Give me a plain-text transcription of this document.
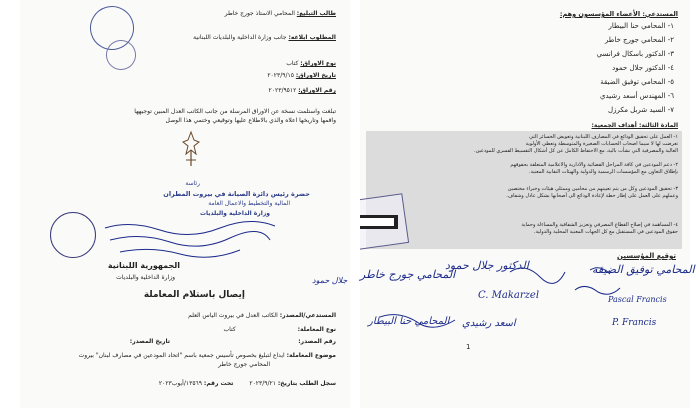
طالب التبليغ: المحامي الاستاذ جورج خاطر
المطلوب ابلاغه: جانب وزارة الداخلية والبلديات اللبنانية
نوع الاوراق: كتاب
تاريخ الاوراق: ٢٠٢٣/٩/١٥
رقم الاوراق: ٢٠٢٣/٩٥١٢
تبلغت واستلمت نسخة عن الاوراق المرسلة من جانب الكاتب العدل المبين توجيهها
واقمها وتاريخها اعلاه والذي بالاطلاع عليها وتوقيعي وختمي هذا الوصل
حضرة رئيس دائرة الصيانة في بيروت المطران
المالية والتخطيط والاعمال العامة
وزارة الداخلية والبلديات
رئاسة
الجمهورية اللبنانية
وزارة الداخلية والبلديات
إيصال باستلام المعاملة
المستدعي/المصدر: الكاتب العدل في بيروت الياس العلم
نوع المعاملة: كتاب
رقم المصدر:
تاريخ المصدر:
موضوع المعاملة: ايداع لتبليغ بخصوص تأسيس جمعية باسم "اتحاد المودعين في مصارف لبنان" بيروت
المحامي جورج خاطر
سجل الطلب بتاريخ: ٢٠٢٣/٩/٢١ تحت رقم: ١٣٥٦٩/أيوب٢٠٢٣
المستدعي: الأعضاء المؤسسون وهم:
١- المحامي حنا البيطار
٢- المحامي جورج خاطر
٣- الدكتور باسكال فرانسي
٤- الدكتور جلال حمود
٥- المحامي توفيق الضيقة
٦- المهندس أسعد رشيدي
٧- السيد شربل مكرزل
المادة الثالثة: أهداف الجمعية:
١- العمل على تحقيق الودائع في المصارف اللبنانية وتعويض الخسائر التي
تعرضت لها لا سيما اصحاب الحسابات الصغيرة والمتوسطة وتعطي الأولوية
العالية والمصرفية التي نشأت بالية، مع الاحتفاظ الكامل عن كل أشكال التقسيط القسري للمودعين.
٢- دعم المودعين في كافة المراحل القضائية والادارية والاعلامية المتعلقة بحقوقهم
بإطلاق التعاون مع المؤسسات الرسمية والدولية والهيئات النقابية المعنية.
٣- تحقيق المودعين وكل من يتم تعيينهم من محامين وممثلي هيئات وخبراء مختصين
وعملهم على العمل على إطار خطة لإعادة الودائع الى أصحابها بشكل عادل وشفاف.
٤- المساهمة في إصلاح القطاع المصرفي وتعزيز الشفافية والمساءلة وحماية
حقوق المودعين في المستقبل مع كل الجهات المعنية المحلية والدولية.
توقيع المؤسسين
1
المحامي توفيق الضيقة
Pascal Francis
P. Francis
المحامي جورج خاطر
الدكتور جلال حمود
C. Makarzel
اسعد رشيدي
المحامي حنا البيطار
جلال حمود
